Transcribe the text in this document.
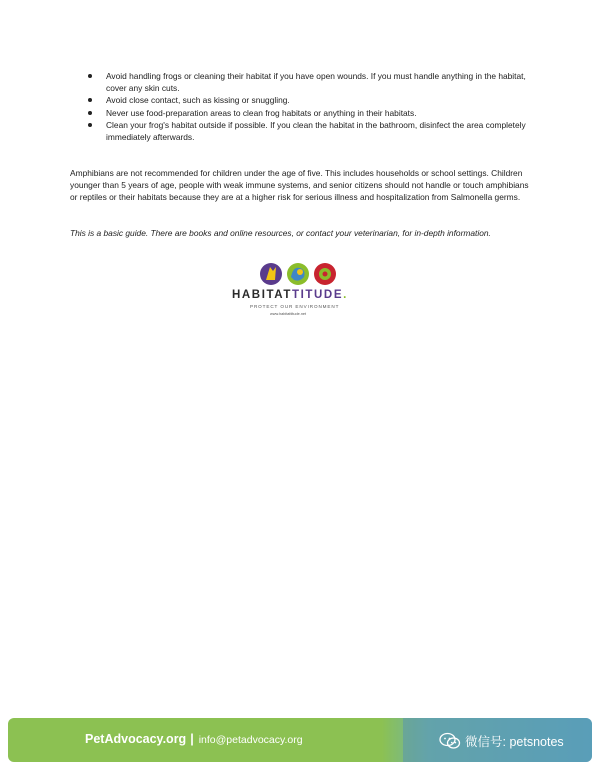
Avoid handling frogs or cleaning their habitat if you have open wounds. If you must handle anything in the habitat, cover any skin cuts.
Avoid close contact, such as kissing or snuggling.
Never use food-preparation areas to clean frog habitats or anything in their habitats.
Clean your frog's habitat outside if possible. If you clean the habitat in the bathroom, disinfect the area completely immediately afterwards.

Amphibians are not recommended for children under the age of five. This includes households or school settings. Children younger than 5 years of age, people with weak immune systems, and senior citizens should not handle or touch amphibians or reptiles or their habitats because they are at a higher risk for serious illness and hospitalization from Salmonella germs.

This is a basic guide. There are books and online resources, or contact your veterinarian, for in-depth information.

HABITATTITUDE.
PROTECT OUR ENVIRONMENT
www.habitattitude.net
PetAdvocacy.org | info@petadvocacy.org	微信号: petsnotes
